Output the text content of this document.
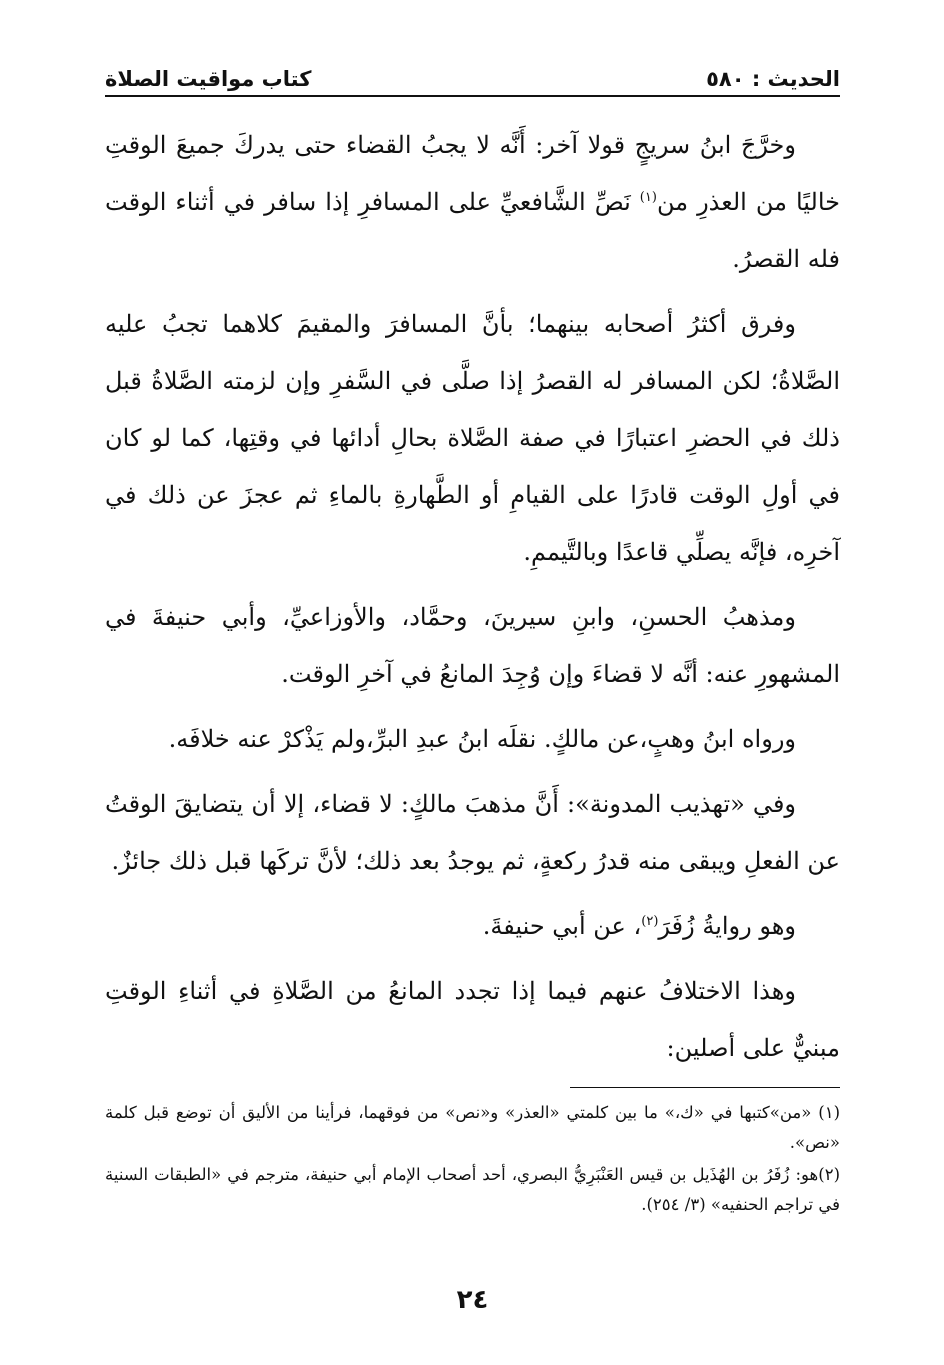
الحديث : ٥٨٠
كتاب مواقيت الصلاة

وخرَّجَ ابنُ سريجٍ قولا آخر: أَنَّه لا يجبُ القضاء حتى يدركَ جميعَ الوقتِ خاليًا من العذرِ من$^{(١)}$ نَصِّ الشَّافعيِّ على المسافرِ إذا سافر في أثناء الوقت فله القصرُ.

وفرق أكثرُ أصحابه بينهما؛ بأنَّ المسافرَ والمقيمَ كلاهما تجبُ عليه الصَّلاةُ؛ لكن المسافر له القصرُ إذا صلَّى في السَّفرِ وإن لزمته الصَّلاةُ قبل ذلك في الحضرِ اعتبارًا في صفة الصَّلاة بحالِ أدائها في وقتِها، كما لو كان في أولِ الوقت قادرًا على القيامِ أو الطَّهارةِ بالماءِ ثم عجزَ عن ذلك في آخرِه، فإنَّه يصلِّي قاعدًا وبالتَّيممِ.

ومذهبُ الحسنِ، وابنِ سيرينَ، وحمَّاد، والأوزاعيِّ، وأبي حنيفةَ في المشهورِ عنه: أنَّه لا قضاءَ وإن وُجِدَ المانعُ في آخرِ الوقت.

ورواه ابنُ وهبٍ،عن مالكٍ. نقلَه ابنُ عبدِ البرِّ،ولم يَذْكرْ عنه خلافَه.

وفي «تهذيب المدونة»: أَنَّ مذهبَ مالكٍ: لا قضاء، إلا أن يتضايقَ الوقتُ عن الفعلِ ويبقى منه قدرُ ركعةٍ، ثم يوجدُ بعد ذلك؛ لأنَّ تركَها قبل ذلك جائزٌ.

وهو روايةُ زُفَرَ$^{(٢)}$، عن أبي حنيفةَ.

وهذا الاختلافُ عنهم فيما إذا تجدد المانعُ من الصَّلاةِ في أثناءِ الوقتِ مبنيٌّ على أصلين:

(١) «من»كتبها في «ك،» ما بين كلمتي «العذر» و«نص» من فوقهما، فرأينا من الأليق أن توضع قبل كلمة «نص».

(٢)هو: زُفَرُ بن الهُذَيل بن قيس العَنْبَرِيُّ البصري، أحد أصحاب الإمام أبي حنيفة، مترجم في «الطبقات السنية في تراجم الحنفيه» (٣/ ٢٥٤).

٢٤
